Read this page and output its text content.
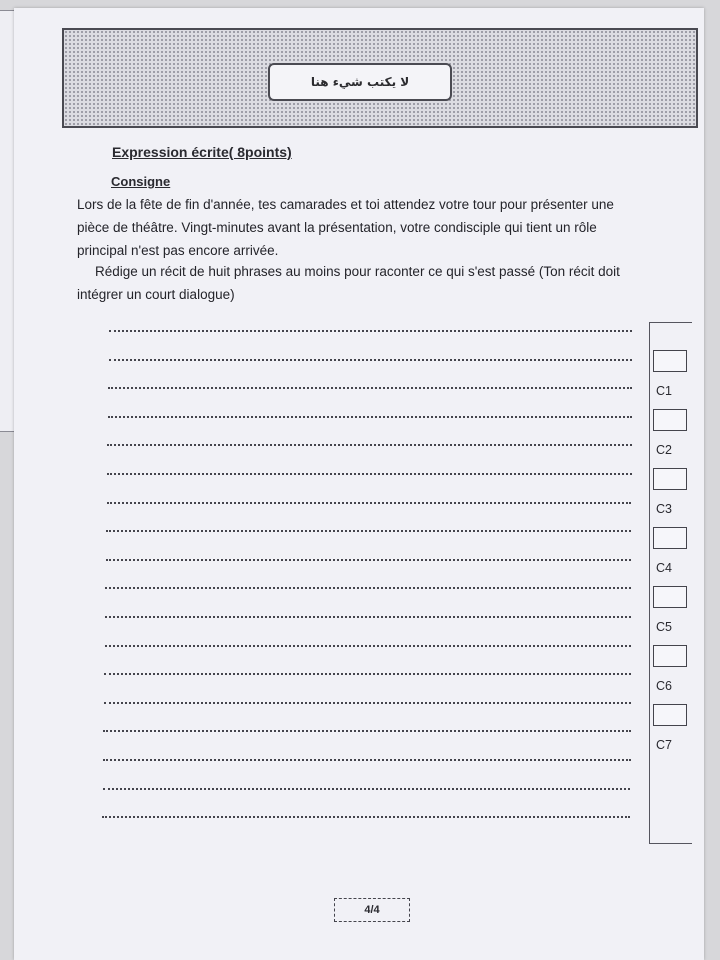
لا يكتب شيء هنا
Expression écrite( 8points)
Consigne
Lors de la fête de fin d'année, tes camarades et toi attendez votre tour pour présenter une
pièce de théâtre. Vingt-minutes avant la présentation, votre condisciple qui tient un rôle
principal n'est pas encore arrivée.
Rédige un récit de huit phrases au moins pour raconter ce qui s'est passé (Ton récit doit
intégrer un court dialogue)
C1
C2
C3
C4
C5
C6
C7
4/4
